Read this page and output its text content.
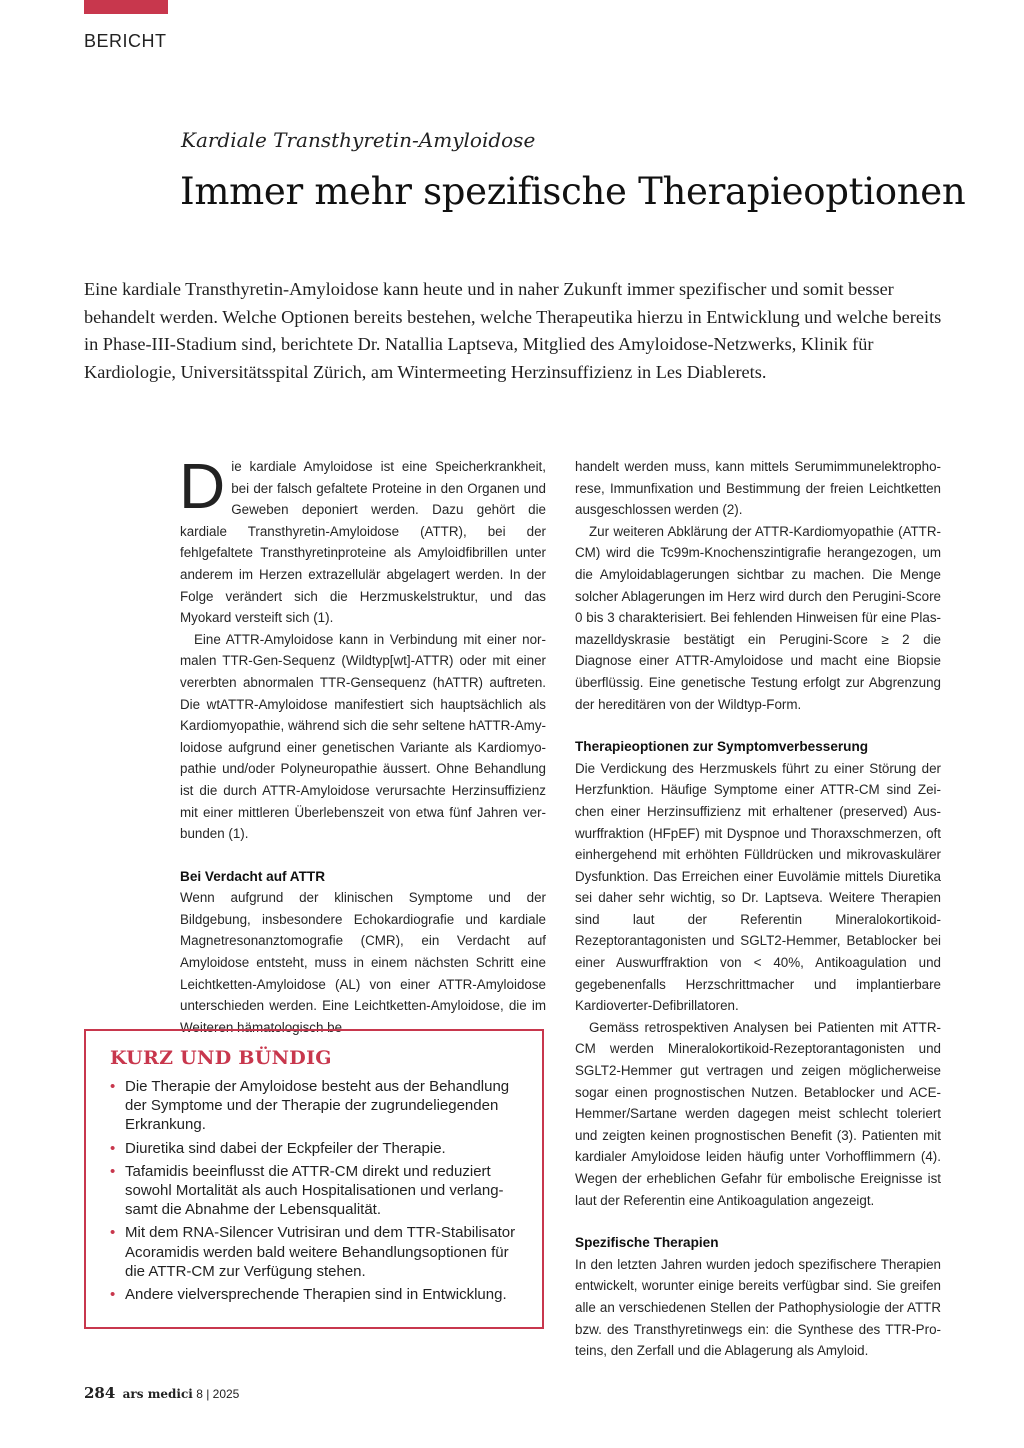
BERICHT
Kardiale Transthyretin-Amyloidose
Immer mehr spezifische Therapieoptionen

Eine kardiale Transthyretin-Amyloidose kann heute und in naher Zukunft immer spezifischer und somit besser behandelt werden. Welche Optionen bereits bestehen, welche Therapeutika hierzu in Entwicklung und welche bereits in Phase-III-Stadium sind, berichtete Dr. Natallia Laptseva, Mitglied des Amyloidose-Netzwerks, Klinik für Kardiologie, Universitätsspital Zürich, am Wintermeeting Herzinsuffizienz in Les Diablerets.

Die kardiale Amyloidose ist eine Speicherkrankheit, bei der falsch gefaltete Proteine in den Organen und Geweben deponiert werden. Dazu gehört die kardiale Transthyretin-Amyloidose (ATTR), bei der fehlgefaltete Transthyretinproteine als Amyloidfibrillen unter anderem im Herzen extrazellulär abgelagert werden. In der Folge verändert sich die Herzmuskelstruktur, und das Myokard versteift sich (1).

Eine ATTR-Amyloidose kann in Verbindung mit einer normalen TTR-Gen-Sequenz (Wildtyp[wt]-ATTR) oder mit einer vererbten abnormalen TTR-Gensequenz (hATTR) auftreten. Die wtATTR-Amyloidose manifestiert sich hauptsächlich als Kardiomyopathie, während sich die sehr seltene hATTR-Amyloidose aufgrund einer genetischen Variante als Kardiomyopathie und/oder Polyneuropathie äussert. Ohne Behandlung ist die durch ATTR-Amyloidose verursachte Herzinsuffizienz mit einer mittleren Überlebenszeit von etwa fünf Jahren verbunden (1).

Bei Verdacht auf ATTR

Wenn aufgrund der klinischen Symptome und der Bildgebung, insbesondere Echokardiografie und kardiale Magnetresonanztomografie (CMR), ein Verdacht auf Amyloidose entsteht, muss in einem nächsten Schritt eine Leichtketten-Amyloidose (AL) von einer ATTR-Amyloidose unterschieden werden. Eine Leichtketten-Amyloidose, die im Weiteren hämatologisch be

handelt werden muss, kann mittels Serumimmunelektrophorese, Immunfixation und Bestimmung der freien Leichtketten ausgeschlossen werden (2).

Zur weiteren Abklärung der ATTR-Kardiomyopathie (ATTR-CM) wird die Tc99m-Knochenszintigrafie herangezogen, um die Amyloidablagerungen sichtbar zu machen. Die Menge solcher Ablagerungen im Herz wird durch den Perugini-Score 0 bis 3 charakterisiert. Bei fehlenden Hinweisen für eine Plasmazelldyskrasie bestätigt ein Perugini-Score ≥ 2 die Diagnose einer ATTR-Amyloidose und macht eine Biopsie überflüssig. Eine genetische Testung erfolgt zur Abgrenzung der hereditären von der Wildtyp-Form.

Therapieoptionen zur Symptomverbesserung

Die Verdickung des Herzmuskels führt zu einer Störung der Herzfunktion. Häufige Symptome einer ATTR-CM sind Zeichen einer Herzinsuffizienz mit erhaltener (preserved) Auswurffraktion (HFpEF) mit Dyspnoe und Thoraxschmerzen, oft einhergehend mit erhöhten Fülldrücken und mikrovaskulärer Dysfunktion. Das Erreichen einer Euvolämie mittels Diuretika sei daher sehr wichtig, so Dr. Laptseva. Weitere Therapien sind laut der Referentin Mineralokortikoid-Rezeptorantagonisten und SGLT2-Hemmer, Betablocker bei einer Auswurffraktion von < 40%, Antikoagulation und gegebenenfalls Herzschrittmacher und implantierbare Kardioverter-Defibrillatoren.

Gemäss retrospektiven Analysen bei Patienten mit ATTR-CM werden Mineralokortikoid-Rezeptorantagonisten und SGLT2-Hemmer gut vertragen und zeigen möglicherweise sogar einen prognostischen Nutzen. Betablocker und ACE-Hemmer/Sartane werden dagegen meist schlecht toleriert und zeigten keinen prognostischen Benefit (3). Patienten mit kardialer Amyloidose leiden häufig unter Vorhofflimmern (4). Wegen der erheblichen Gefahr für embolische Ereignisse ist laut der Referentin eine Antikoagulation angezeigt.

Spezifische Therapien

In den letzten Jahren wurden jedoch spezifischere Therapien entwickelt, worunter einige bereits verfügbar sind. Sie greifen alle an verschiedenen Stellen der Pathophysiologie der ATTR bzw. des Transthyretinwegs ein: die Synthese des TTR-Proteins, den Zerfall und die Ablagerung als Amyloid.

KURZ UND BÜNDIG
• Die Therapie der Amyloidose besteht aus der Behandlung der Symptome und der Therapie der zugrundeliegenden Erkrankung.
• Diuretika sind dabei der Eckpfeiler der Therapie.
• Tafamidis beeinflusst die ATTR-CM direkt und reduziert sowohl Mortalität als auch Hospitalisationen und verlangsamt die Abnahme der Lebensqualität.
• Mit dem RNA-Silencer Vutrisiran und dem TTR-Stabilisator Acoramidis werden bald weitere Behandlungsoptionen für die ATTR-CM zur Verfügung stehen.
• Andere vielversprechende Therapien sind in Entwicklung.
284 ars medici 8 | 2025
